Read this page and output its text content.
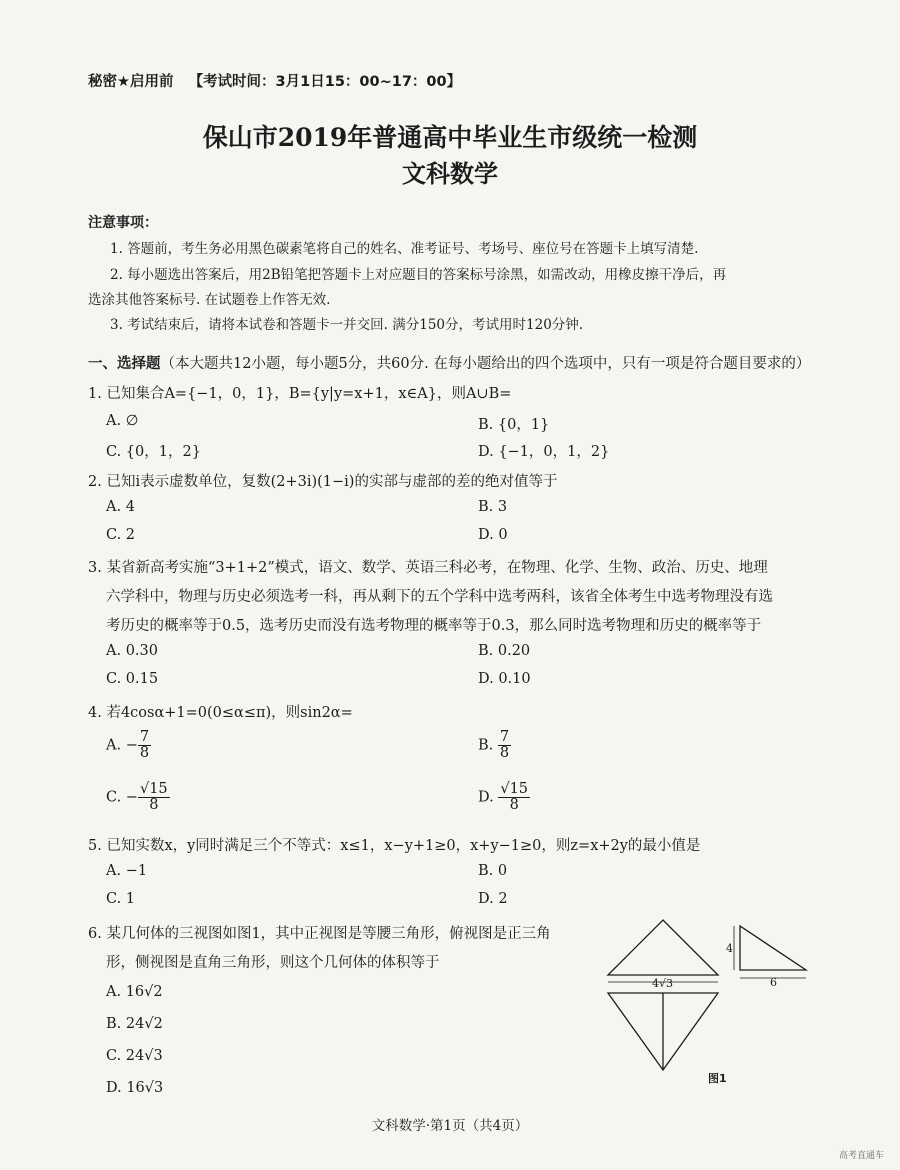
秘密★启用前 【考试时间：3月1日15：00~17：00】
保山市2019年普通高中毕业生市级统一检测
文科数学
注意事项：
1. 答题前，考生务必用黑色碳素笔将自己的姓名、准考证号、考场号、座位号在答题卡上填写清楚.
2. 每小题选出答案后，用2B铅笔把答题卡上对应题目的答案标号涂黑，如需改动，用橡皮擦干净后，再
选涂其他答案标号. 在试题卷上作答无效.
3. 考试结束后，请将本试卷和答题卡一并交回. 满分150分，考试用时120分钟.
一、选择题（本大题共12小题，每小题5分，共60分. 在每小题给出的四个选项中，只有一项是符合题目要求的）
1. 已知集合A={−1，0，1}，B={y|y=x+1，x∈A}，则A∪B=
A. ∅	B. {0，1}
C. {0，1，2}	D. {−1，0，1，2}
2. 已知i表示虚数单位，复数(2+3i)(1−i)的实部与虚部的差的绝对值等于
A. 4	B. 3
C. 2	D. 0
3. 某省新高考实施“3+1+2”模式，语文、数学、英语三科必考，在物理、化学、生物、政治、历史、地理
六学科中，物理与历史必须选考一科，再从剩下的五个学科中选考两科，该省全体考生中选考物理没有选
考历史的概率等于0.5，选考历史而没有选考物理的概率等于0.3，那么同时选考物理和历史的概率等于
A. 0.30	B. 0.20
C. 0.15	D. 0.10
4. 若4cosα+1=0(0≤α≤π)，则sin2α=
A. − $\frac{7}{8}$	B. $\frac{7}{8}$
C. − $\frac{√15}{8}$	D. $\frac{√15}{8}$
5. 已知实数x，y同时满足三个不等式：x≤1，x−y+1≥0，x+y−1≥0，则z=x+2y的最小值是
A. −1	B. 0
C. 1	D. 2
6. 某几何体的三视图如图1，其中正视图是等腰三角形，俯视图是正三角
形，侧视图是直角三角形，则这个几何体的体积等于
A. 16√2
B. 24√2
C. 24√3
D. 16√3
4√3
4
6
图1
文科数学·第1页（共4页）
高考直通车
